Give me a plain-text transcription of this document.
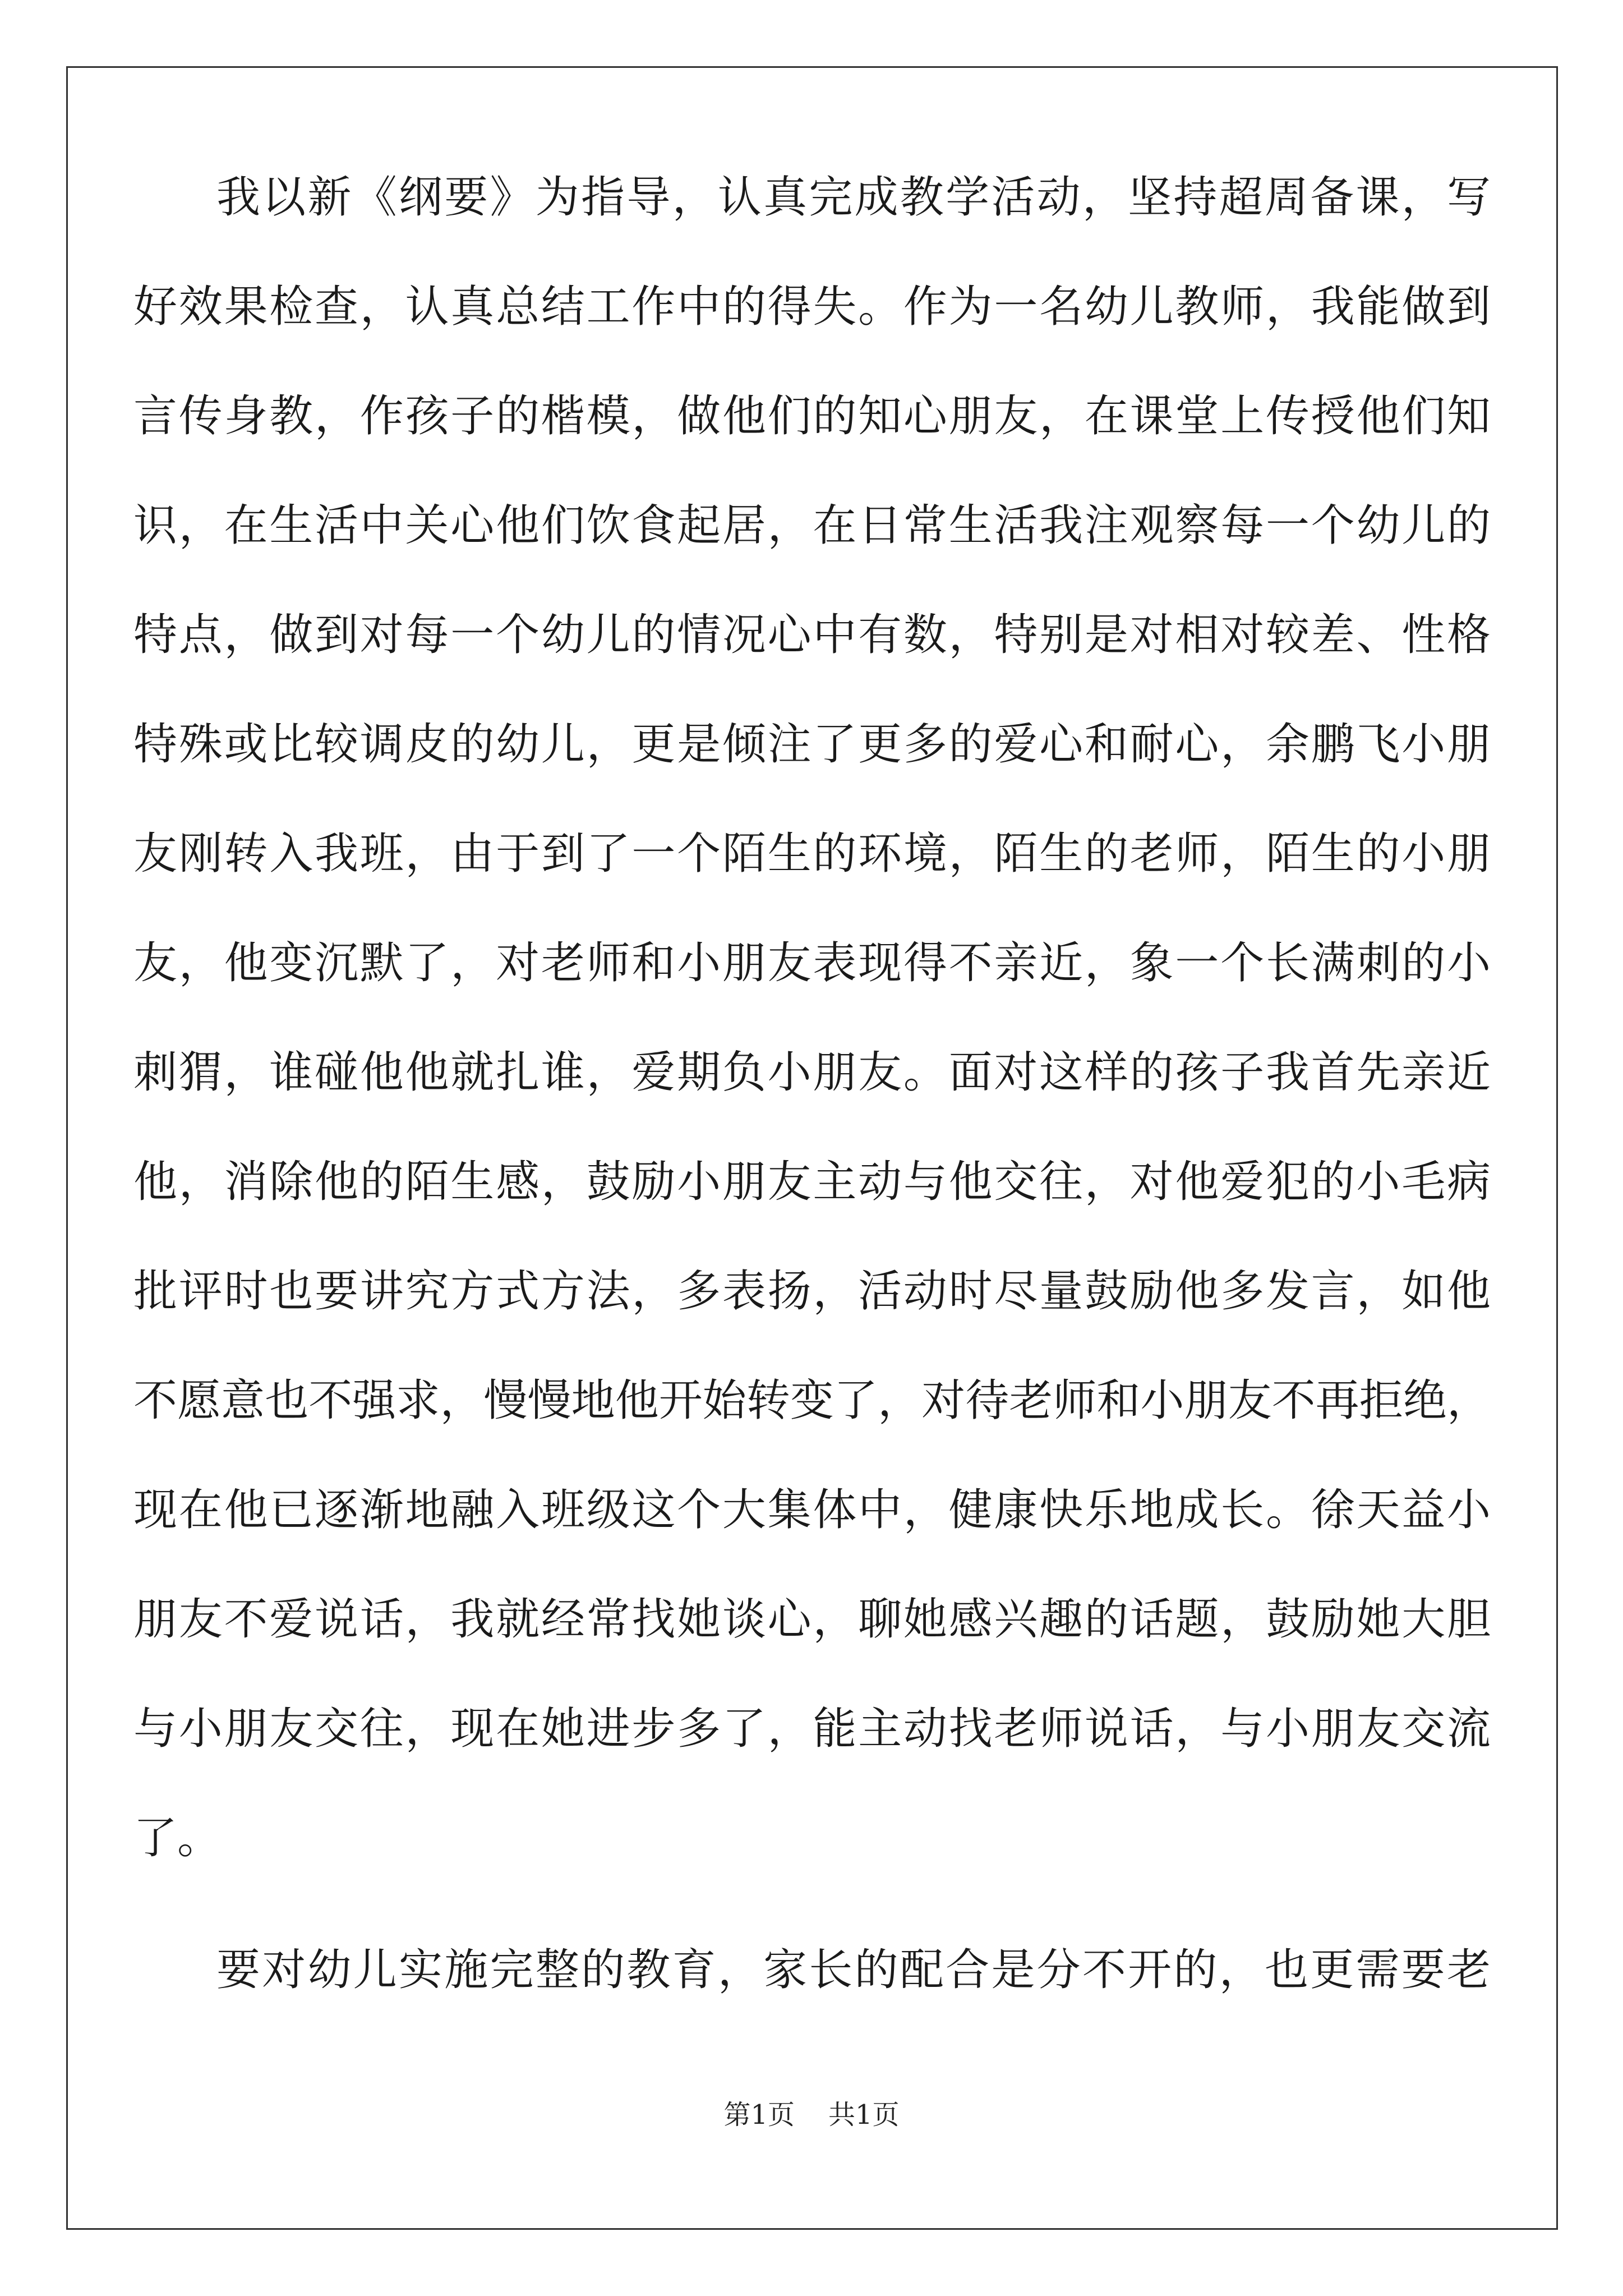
我以新《纲要》为指导，认真完成教学活动，坚持超周备课，写
好效果检查，认真总结工作中的得失。作为一名幼儿教师，我能做到
言传身教，作孩子的楷模，做他们的知心朋友，在课堂上传授他们知
识，在生活中关心他们饮食起居，在日常生活我注观察每一个幼儿的
特点，做到对每一个幼儿的情况心中有数，特别是对相对较差、性格
特殊或比较调皮的幼儿，更是倾注了更多的爱心和耐心，余鹏飞小朋
友刚转入我班，由于到了一个陌生的环境，陌生的老师，陌生的小朋
友，他变沉默了，对老师和小朋友表现得不亲近，象一个长满刺的小
刺猬，谁碰他他就扎谁，爱期负小朋友。面对这样的孩子我首先亲近
他，消除他的陌生感，鼓励小朋友主动与他交往，对他爱犯的小毛病
批评时也要讲究方式方法，多表扬，活动时尽量鼓励他多发言，如他
不愿意也不强求，慢慢地他开始转变了，对待老师和小朋友不再拒绝，
现在他已逐渐地融入班级这个大集体中，健康快乐地成长。徐天益小
朋友不爱说话，我就经常找她谈心，聊她感兴趣的话题，鼓励她大胆
与小朋友交往，现在她进步多了，能主动找老师说话，与小朋友交流
了。
要对幼儿实施完整的教育，家长的配合是分不开的，也更需要老
第1页 共1页
